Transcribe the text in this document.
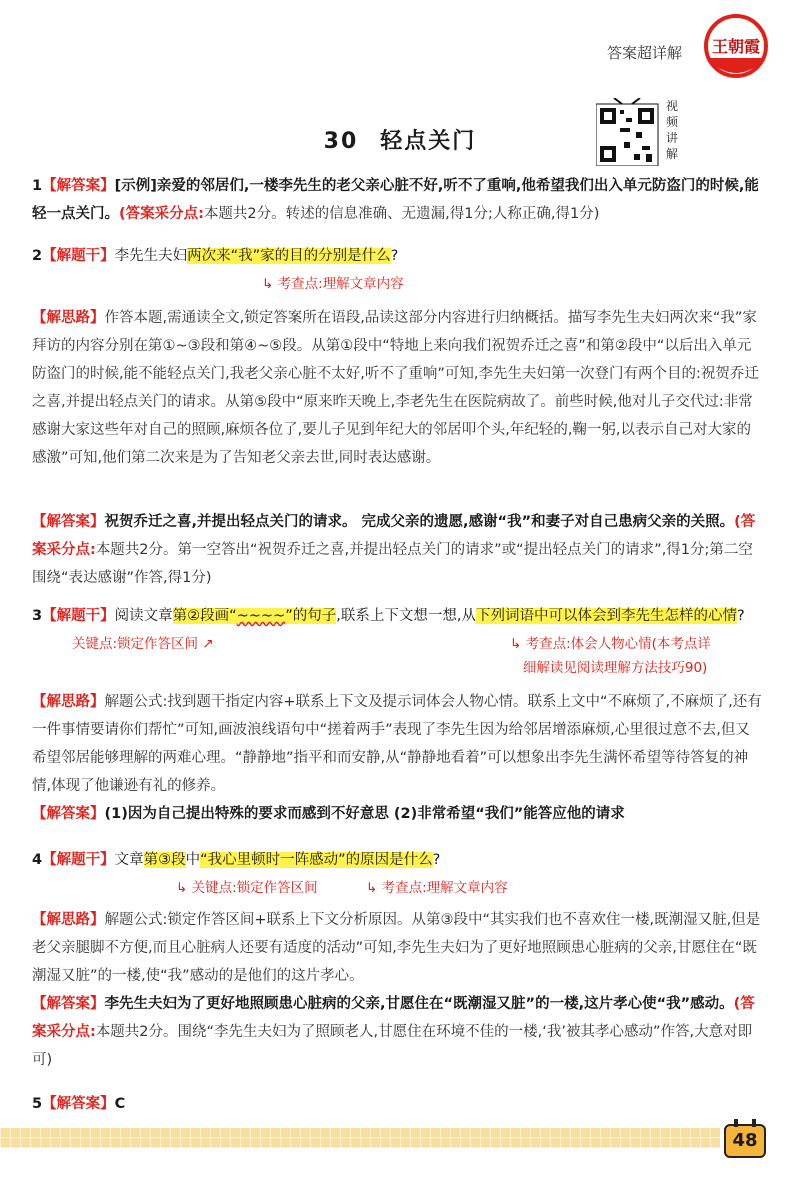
答案超详解 王朝霞
30 轻点关门
视频讲解
1【解答案】[示例]亲爱的邻居们,一楼李先生的老父亲心脏不好,听不了重响,他希望我们出入单元防盗门的时候,能轻一点关门。(答案采分点:本题共2分。转述的信息准确、无遗漏,得1分;人称正确,得1分)
2【解题干】李先生夫妇两次来“我”家的目的分别是什么?
↳ 考查点:理解文章内容
【解思路】作答本题,需通读全文,锁定答案所在语段,品读这部分内容进行归纳概括。描写李先生夫妇两次来“我”家拜访的内容分别在第①~③段和第④~⑤段。从第①段中“特地上来向我们祝贺乔迁之喜”和第②段中“以后出入单元防盗门的时候,能不能轻点关门,我老父亲心脏不太好,听不了重响”可知,李先生夫妇第一次登门有两个目的:祝贺乔迁之喜,并提出轻点关门的请求。从第⑤段中“原来昨天晚上,李老先生在医院病故了。前些时候,他对儿子交代过:非常感谢大家这些年对自己的照顾,麻烦各位了,要儿子见到年纪大的邻居叩个头,年纪轻的,鞠一躬,以表示自己对大家的感激”可知,他们第二次来是为了告知老父亲去世,同时表达感谢。
【解答案】祝贺乔迁之喜,并提出轻点关门的请求。 完成父亲的遗愿,感谢“我”和妻子对自己患病父亲的关照。(答案采分点:本题共2分。第一空答出“祝贺乔迁之喜,并提出轻点关门的请求”或“提出轻点关门的请求”,得1分;第二空围绕“表达感谢”作答,得1分)
3【解题干】阅读文章第②段画“~~~~”的句子,联系上下文想一想,从下列词语中可以体会到李先生怎样的心情?
关键点:锁定作答区间 ↗	↳ 考查点:体会人物心情(本考点详
细解读见阅读理解方法技巧90)
【解思路】解题公式:找到题干指定内容+联系上下文及提示词体会人物心情。联系上文中“不麻烦了,不麻烦了,还有一件事情要请你们帮忙”可知,画波浪线语句中“搓着两手”表现了李先生因为给邻居增添麻烦,心里很过意不去,但又希望邻居能够理解的两难心理。“静静地”指平和而安静,从“静静地看着”可以想象出李先生满怀希望等待答复的神情,体现了他谦逊有礼的修养。
【解答案】(1)因为自己提出特殊的要求而感到不好意思 (2)非常希望“我们”能答应他的请求
4【解题干】文章第③段中“我心里顿时一阵感动”的原因是什么?
↳ 关键点:锁定作答区间	↳ 考查点:理解文章内容
【解思路】解题公式:锁定作答区间+联系上下文分析原因。从第③段中“其实我们也不喜欢住一楼,既潮湿又脏,但是老父亲腿脚不方便,而且心脏病人还要有适度的活动”可知,李先生夫妇为了更好地照顾患心脏病的父亲,甘愿住在“既潮湿又脏”的一楼,使“我”感动的是他们的这片孝心。
【解答案】李先生夫妇为了更好地照顾患心脏病的父亲,甘愿住在“既潮湿又脏”的一楼,这片孝心使“我”感动。(答案采分点:本题共2分。围绕“李先生夫妇为了照顾老人,甘愿住在环境不佳的一楼,‘我’被其孝心感动”作答,大意对即可)
5【解答案】C
48
